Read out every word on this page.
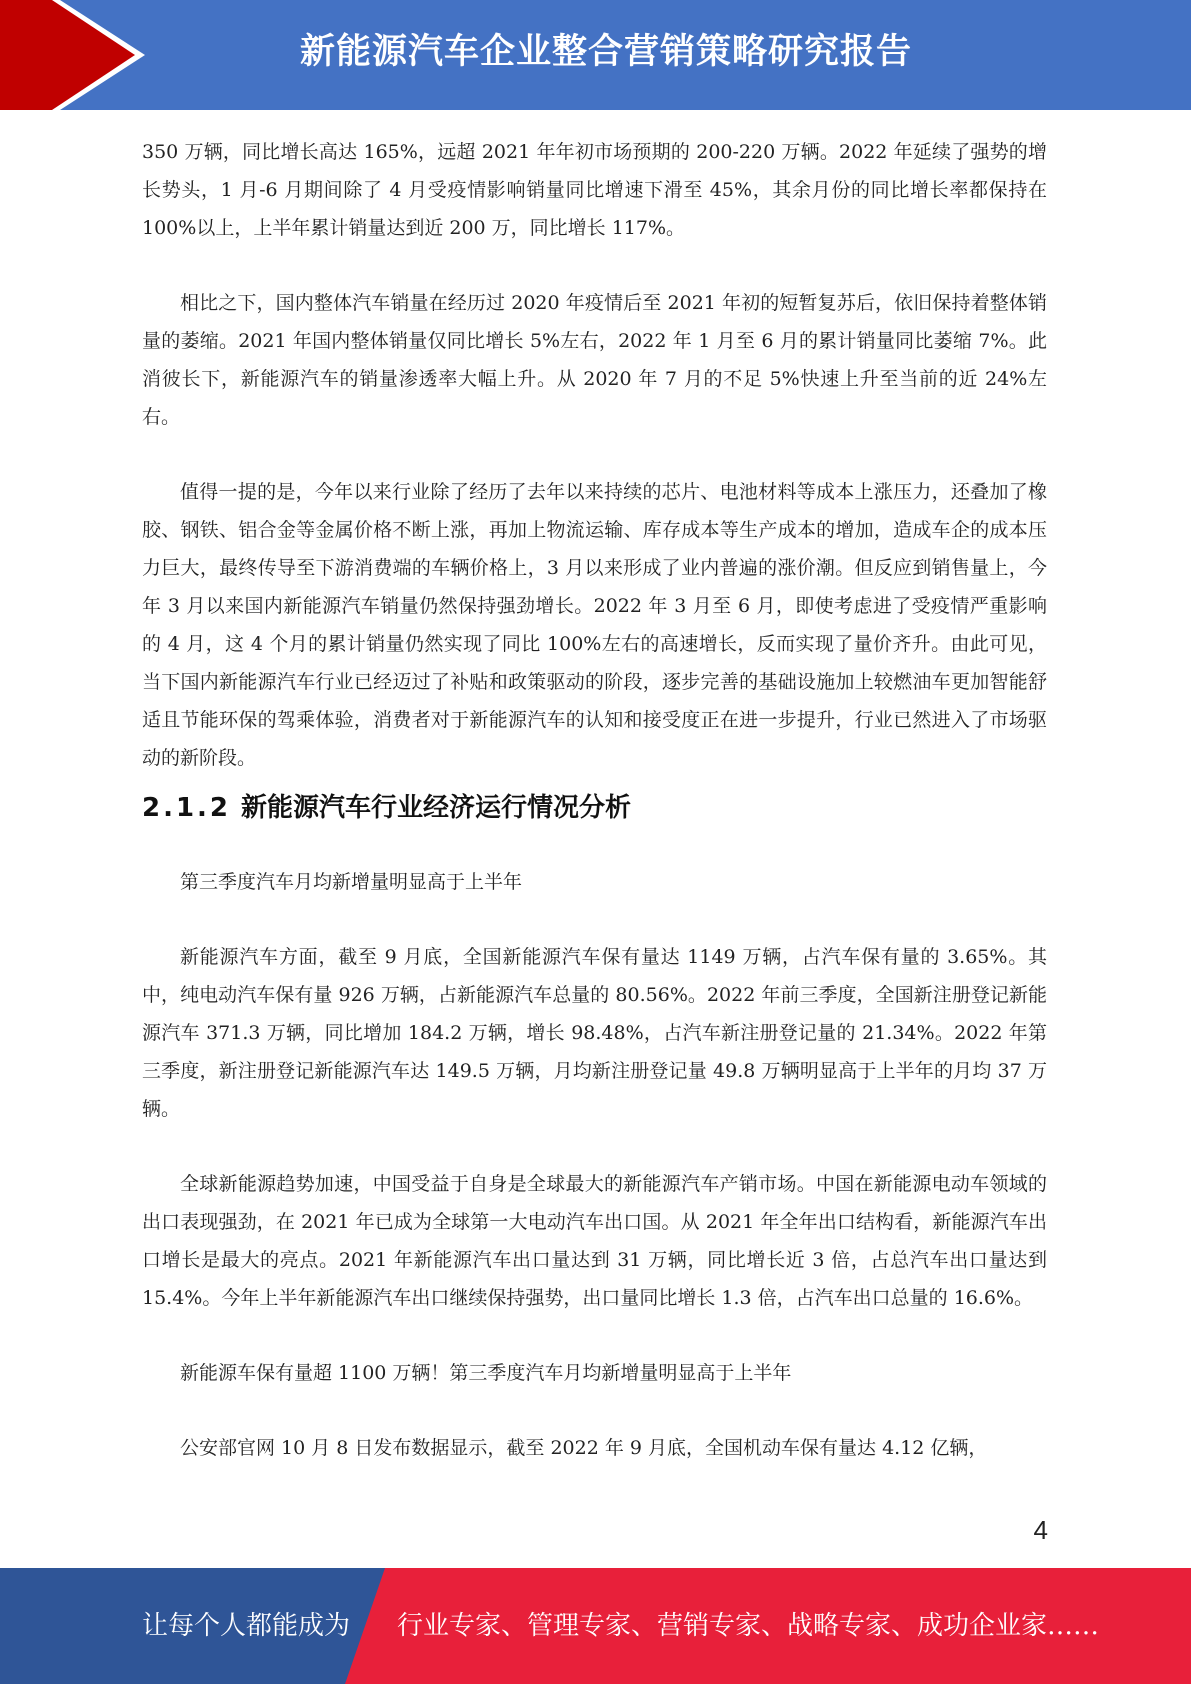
新能源汽车企业整合营销策略研究报告

350 万辆，同比增长高达 165%，远超 2021 年年初市场预期的 200-220 万辆。2022 年延续了强势的增长势头，1 月-6 月期间除了 4 月受疫情影响销量同比增速下滑至 45%，其余月份的同比增长率都保持在 100%以上，上半年累计销量达到近 200 万，同比增长 117%。

相比之下，国内整体汽车销量在经历过 2020 年疫情后至 2021 年初的短暂复苏后，依旧保持着整体销量的萎缩。2021 年国内整体销量仅同比增长 5%左右，2022 年 1 月至 6 月的累计销量同比萎缩 7%。此消彼长下，新能源汽车的销量渗透率大幅上升。从 2020 年 7 月的不足 5%快速上升至当前的近 24%左右。

值得一提的是，今年以来行业除了经历了去年以来持续的芯片、电池材料等成本上涨压力，还叠加了橡胶、钢铁、铝合金等金属价格不断上涨，再加上物流运输、库存成本等生产成本的增加，造成车企的成本压力巨大，最终传导至下游消费端的车辆价格上，3 月以来形成了业内普遍的涨价潮。但反应到销售量上，今年 3 月以来国内新能源汽车销量仍然保持强劲增长。2022 年 3 月至 6 月，即使考虑进了受疫情严重影响的 4 月，这 4 个月的累计销量仍然实现了同比 100%左右的高速增长，反而实现了量价齐升。由此可见，当下国内新能源汽车行业已经迈过了补贴和政策驱动的阶段，逐步完善的基础设施加上较燃油车更加智能舒适且节能环保的驾乘体验，消费者对于新能源汽车的认知和接受度正在进一步提升，行业已然进入了市场驱动的新阶段。

2.1.2 新能源汽车行业经济运行情况分析

第三季度汽车月均新增量明显高于上半年

新能源汽车方面，截至 9 月底，全国新能源汽车保有量达 1149 万辆，占汽车保有量的 3.65%。其中，纯电动汽车保有量 926 万辆，占新能源汽车总量的 80.56%。2022 年前三季度，全国新注册登记新能源汽车 371.3 万辆，同比增加 184.2 万辆，增长 98.48%，占汽车新注册登记量的 21.34%。2022 年第三季度，新注册登记新能源汽车达 149.5 万辆，月均新注册登记量 49.8 万辆明显高于上半年的月均 37 万辆。

全球新能源趋势加速，中国受益于自身是全球最大的新能源汽车产销市场。中国在新能源电动车领域的出口表现强劲，在 2021 年已成为全球第一大电动汽车出口国。从 2021 年全年出口结构看，新能源汽车出口增长是最大的亮点。2021 年新能源汽车出口量达到 31 万辆，同比增长近 3 倍，占总汽车出口量达到 15.4%。今年上半年新能源汽车出口继续保持强势，出口量同比增长 1.3 倍，占汽车出口总量的 16.6%。

新能源车保有量超 1100 万辆！第三季度汽车月均新增量明显高于上半年

公安部官网 10 月 8 日发布数据显示，截至 2022 年 9 月底，全国机动车保有量达 4.12 亿辆，

4
让每个人都能成为 行业专家、管理专家、营销专家、战略专家、成功企业家……
